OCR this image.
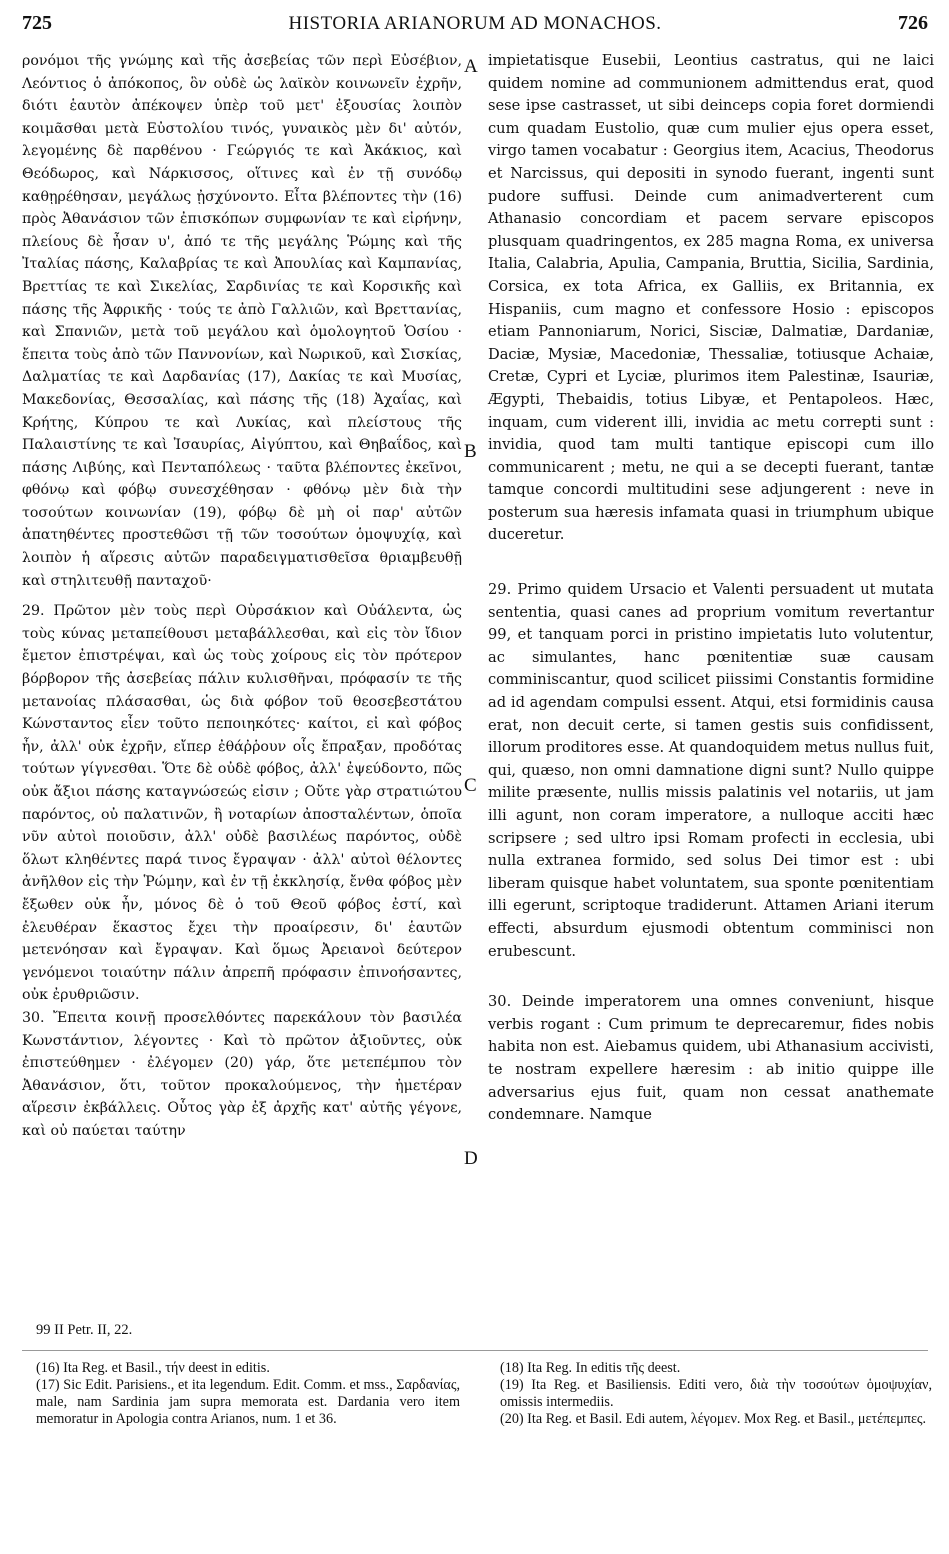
725	HISTORIA ARIANORUM AD MONACHOS.	726

ρονόμοι τῆς γνώμης καὶ τῆς ἀσεβείας τῶν περὶ Εὐσέβιον, Λεόντιος ὁ ἀπόκοπος, ὃν οὐδὲ ὡς λαϊκὸν κοινωνεῖν ἐχρῆν, διότι ἑαυτὸν ἀπέκοψεν ὑπὲρ τοῦ μετ' ἐξουσίας λοιπὸν κοιμᾶσθαι μετὰ Εὐστολίου τινός, γυναικὸς μὲν δι' αὐτόν, λεγομένης δὲ παρθένου · Γεώργιός τε καὶ Ἀκάκιος, καὶ Θεόδωρος, καὶ Νάρκισσος, οἵτινες καὶ ἐν τῇ συνόδῳ καθῃρέθησαν, μεγάλως ᾐσχύνοντο. Εἶτα βλέποντες τὴν (16) πρὸς Ἀθανάσιον τῶν ἐπισκόπων συμφωνίαν τε καὶ εἰρήνην, πλείους δὲ ἦσαν υ', ἀπό τε τῆς μεγάλης Ῥώμης καὶ τῆς Ἰταλίας πάσης, Καλαβρίας τε καὶ Ἀπουλίας καὶ Καμπανίας, Βρεττίας τε καὶ Σικελίας, Σαρδινίας τε καὶ Κορσικῆς καὶ πάσης τῆς Ἀφρικῆς · τούς τε ἀπὸ Γαλλιῶν, καὶ Βρεττανίας, καὶ Σπανιῶν, μετὰ τοῦ μεγάλου καὶ ὁμολογητοῦ Ὁσίου · ἔπειτα τοὺς ἀπὸ τῶν Παννονίων, καὶ Νωρικοῦ, καὶ Σισκίας, Δαλματίας τε καὶ Δαρδανίας (17), Δακίας τε καὶ Μυσίας, Μακεδονίας, Θεσσαλίας, καὶ πάσης τῆς (18) Ἀχαΐας, καὶ Κρήτης, Κύπρου τε καὶ Λυκίας, καὶ πλείστους τῆς Παλαιστίνης τε καὶ Ἰσαυρίας, Αἰγύπτου, καὶ Θηβαΐδος, καὶ πάσης Λιβύης, καὶ Πενταπόλεως · ταῦτα βλέποντες ἐκεῖνοι, φθόνῳ καὶ φόβῳ συνεσχέθησαν · φθόνῳ μὲν διὰ τὴν τοσούτων κοινωνίαν (19), φόβῳ δὲ μὴ οἱ παρ' αὐτῶν ἀπατηθέντες προστεθῶσι τῇ τῶν τοσούτων ὁμοψυχίᾳ, καὶ λοιπὸν ἡ αἵρεσις αὐτῶν παραδειγματισθεῖσα θριαμβευθῇ καὶ στηλιτευθῇ πανταχοῦ·

29. Πρῶτον μὲν τοὺς περὶ Οὐρσάκιον καὶ Οὐάλεντα, ὡς τοὺς κύνας μεταπείθουσι μεταβάλλεσθαι, καὶ εἰς τὸν ἴδιον ἔμετον ἐπιστρέψαι, καὶ ὡς τοὺς χοίρους εἰς τὸν πρότερον βόρβορον τῆς ἀσεβείας πάλιν κυλισθῆναι, πρόφασίν τε τῆς μετανοίας πλάσασθαι, ὡς διὰ φόβον τοῦ θεοσεβεστάτου Κώνσταντος εἶεν τοῦτο πεποιηκότες· καίτοι, εἰ καὶ φόβος ἦν, ἀλλ' οὐκ ἐχρῆν, εἴπερ ἐθάῤῥουν οἷς ἔπραξαν, προδότας τούτων γίγνεσθαι. Ὅτε δὲ οὐδὲ φόβος, ἀλλ' ἐψεύδοντο, πῶς οὐκ ἄξιοι πάσης καταγνώσεώς εἰσιν ; Οὔτε γὰρ στρατιώτου παρόντος, οὐ παλατινῶν, ἢ νοταρίων ἀποσταλέντων, ὁποῖα νῦν αὐτοὶ ποιοῦσιν, ἀλλ' οὐδὲ βασιλέως παρόντος, οὐδὲ ὅλωτ κληθέντες παρά τινος ἔγραψαν · ἀλλ' αὐτοὶ θέλοντες ἀνῆλθον εἰς τὴν Ῥώμην, καὶ ἐν τῇ ἐκκλησίᾳ, ἔνθα φόβος μὲν ἔξωθεν οὐκ ἦν, μόνος δὲ ὁ τοῦ Θεοῦ φόβος ἐστί, καὶ ἐλευθέραν ἕκαστος ἔχει τὴν προαίρεσιν, δι' ἑαυτῶν μετενόησαν καὶ ἔγραψαν. Καὶ ὅμως Ἀρειανοὶ δεύτερον γενόμενοι τοιαύτην πάλιν ἀπρεπῆ πρόφασιν ἐπινοήσαντες, οὐκ ἐρυθριῶσιν.

30. Ἔπειτα κοινῇ προσελθόντες παρεκάλουν τὸν βασιλέα Κωνστάντιον, λέγοντες · Καὶ τὸ πρῶτον ἀξιοῦντες, οὐκ ἐπιστεύθημεν · ἐλέγομεν (20) γάρ, ὅτε μετεπέμπου τὸν Ἀθανάσιον, ὅτι, τοῦτον προκαλούμενος, τὴν ἡμετέραν αἵρεσιν ἐκβάλλεις. Οὗτος γὰρ ἐξ ἀρχῆς κατ' αὐτῆς γέγονε, καὶ οὐ παύεται ταύτην

A
B
C
D

impietatisque Eusebii, Leontius castratus, qui ne laici quidem nomine ad communionem admittendus erat, quod sese ipse castrasset, ut sibi deinceps copia foret dormiendi cum quadam Eustolio, quæ cum mulier ejus opera esset, virgo tamen vocabatur : Georgius item, Acacius, Theodorus et Narcissus, qui depositi in synodo fuerant, ingenti sunt pudore suffusi. Deinde cum animadverterent cum Athanasio concordiam et pacem servare episcopos plusquam quadringentos, ex 285 magna Roma, ex universa Italia, Calabria, Apulia, Campania, Bruttia, Sicilia, Sardinia, Corsica, ex tota Africa, ex Galliis, ex Britannia, ex Hispaniis, cum magno et confessore Hosio : episcopos etiam Pannoniarum, Norici, Sisciæ, Dalmatiæ, Dardaniæ, Daciæ, Mysiæ, Macedoniæ, Thessaliæ, totiusque Achaiæ, Cretæ, Cypri et Lyciæ, plurimos item Palestinæ, Isauriæ, Ægypti, Thebaidis, totius Libyæ, et Pentapoleos. Hæc, inquam, cum viderent illi, invidia ac metu correpti sunt : invidia, quod tam multi tantique episcopi cum illo communicarent ; metu, ne qui a se decepti fuerant, tantæ tamque concordi multitudini sese adjungerent : neve in posterum sua hæresis infamata quasi in triumphum ubique duceretur.

29. Primo quidem Ursacio et Valenti persuadent ut mutata sententia, quasi canes ad proprium vomitum revertantur 99, et tanquam porci in pristino impietatis luto volutentur, ac simulantes, hanc pœnitentiæ suæ causam comminiscantur, quod scilicet piissimi Constantis formidine ad id agendam compulsi essent. Atqui, etsi formidinis causa erat, non decuit certe, si tamen gestis suis confidissent, illorum proditores esse. At quandoquidem metus nullus fuit, qui, quæso, non omni damnatione digni sunt? Nullo quippe milite præsente, nullis missis palatinis vel notariis, ut jam illi agunt, non coram imperatore, a nulloque acciti hæc scripsere ; sed ultro ipsi Romam profecti in ecclesia, ubi nulla extranea formido, sed solus Dei timor est : ubi liberam quisque habet voluntatem, sua sponte pœnitentiam illi egerunt, scriptoque tradiderunt. Attamen Ariani iterum effecti, absurdum ejusmodi obtentum comminisci non erubescunt.

30. Deinde imperatorem una omnes conveniunt, hisque verbis rogant : Cum primum te deprecaremur, fides nobis habita non est. Aiebamus quidem, ubi Athanasium accivisti, te nostram expellere hæresim : ab initio quippe ille adversarius ejus fuit, quam non cessat anathemate condemnare. Namque

99 II Petr. II, 22.

(16) Ita Reg. et Basil., τήν deest in editis.

(17) Sic Edit. Parisiens., et ita legendum. Edit. Comm. et mss., Σαρδανίας, male, nam Sardinia jam supra memorata est. Dardania vero item memoratur in Apologia contra Arianos, num. 1 et 36.

(18) Ita Reg. In editis τῆς deest.

(19) Ita Reg. et Basiliensis. Editi vero, διὰ τὴν τοσούτων ὁμοψυχίαν, omissis intermediis.

(20) Ita Reg. et Basil. Edi autem, λέγομεν. Mox Reg. et Basil., μετέπεμπες.
